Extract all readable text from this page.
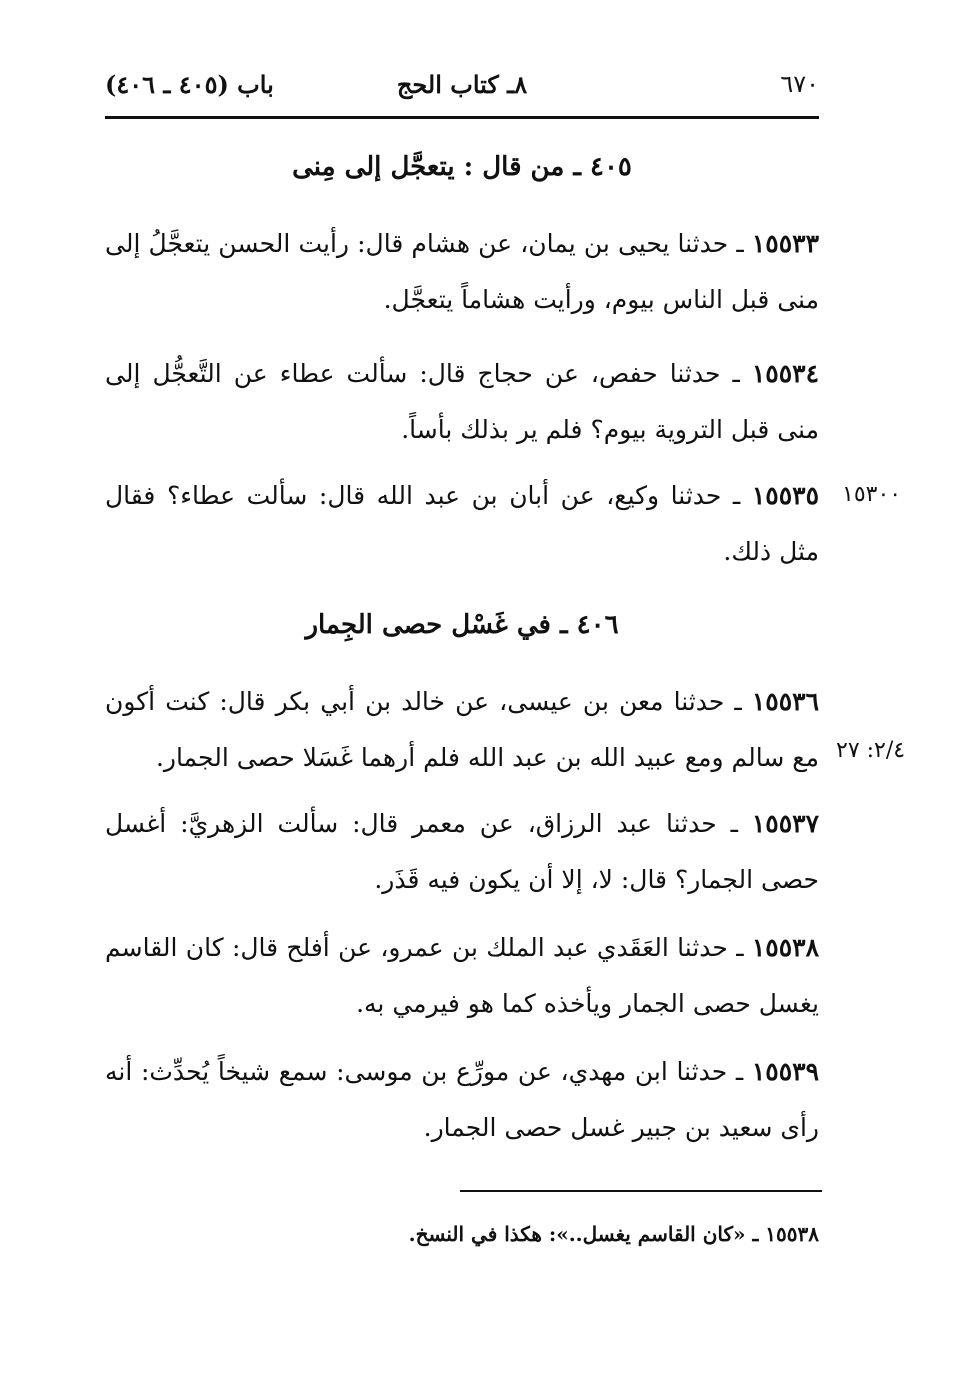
٦٧٠
٨ـ كتاب الحج
باب (٤٠٥ ـ ٤٠٦)
٤٠٥ ـ من قال : يتعجَّل إلى مِنى
١٥٥٣٣ ـ حدثنا يحيى بن يمان، عن هشام قال: رأيت الحسن يتعجَّلُ إلى منى قبل الناس بيوم، ورأيت هشاماً يتعجَّل.
١٥٥٣٤ ـ حدثنا حفص، عن حجاج قال: سألت عطاء عن التَّعجُّل إلى منى قبل التروية بيوم؟ فلم ير بذلك بأساً.
١٥٥٣٥ ـ حدثنا وكيع، عن أبان بن عبد الله قال: سألت عطاء؟ فقال مثل ذلك.
١٥٣٠٠
٤٠٦ ـ في غَسْل حصى الجِمار
١٥٥٣٦ ـ حدثنا معن بن عيسى، عن خالد بن أبي بكر قال: كنت أكون مع سالم ومع عبيد الله بن عبد الله فلم أرهما غَسَلا حصى الجمار. ٢/٤: ٢٧
١٥٥٣٧ ـ حدثنا عبد الرزاق، عن معمر قال: سألت الزهريَّ: أغسل حصى الجمار؟ قال: لا، إلا أن يكون فيه قَذَر.
١٥٥٣٨ ـ حدثنا العَقَدي عبد الملك بن عمرو، عن أفلح قال: كان القاسم يغسل حصى الجمار ويأخذه كما هو فيرمي به.
١٥٥٣٩ ـ حدثنا ابن مهدي، عن مورِّع بن موسى: سمع شيخاً يُحدِّث: أنه رأى سعيد بن جبير غسل حصى الجمار.
١٥٥٣٨ ـ «كان القاسم يغسل..»: هكذا في النسخ.
